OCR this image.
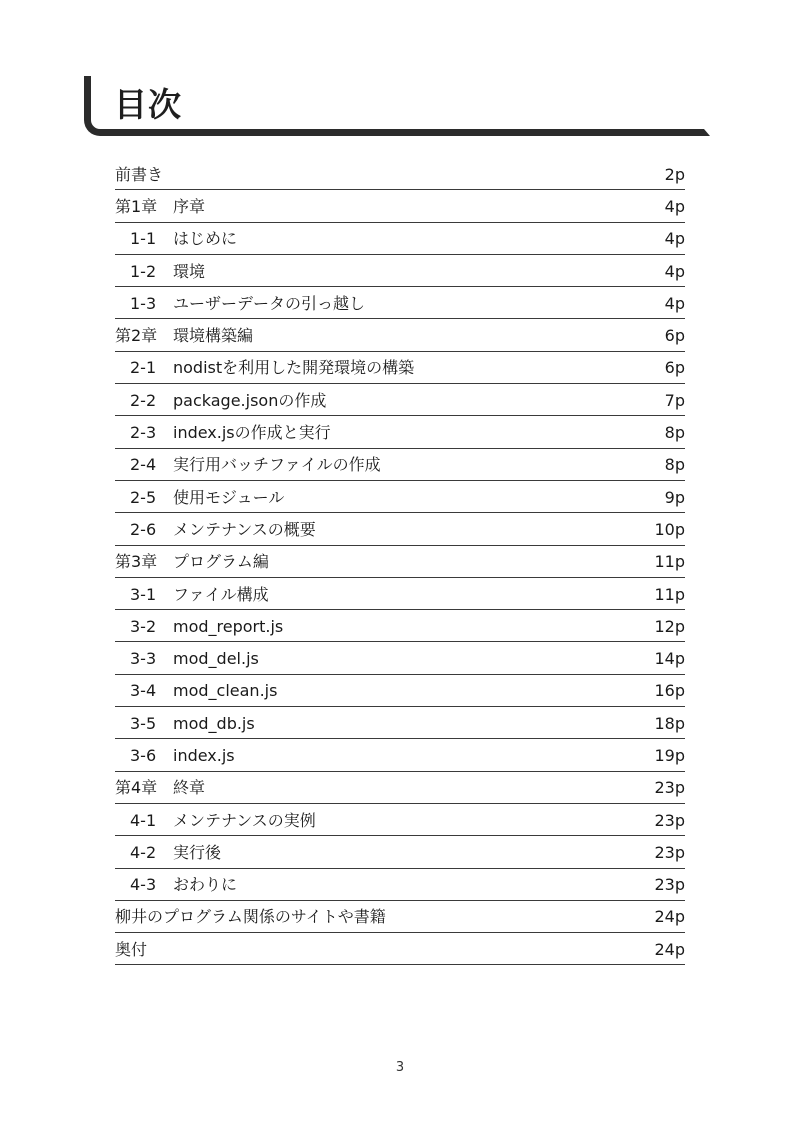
目次
前書き	2p
第1章 序章	4p
1-1	はじめに	4p
1-2	環境	4p
1-3	ユーザーデータの引っ越し	4p
第2章 環境構築編	6p
2-1	nodistを利用した開発環境の構築	6p
2-2	package.jsonの作成	7p
2-3	index.jsの作成と実行	8p
2-4	実行用バッチファイルの作成	8p
2-5	使用モジュール	9p
2-6	メンテナンスの概要	10p
第3章 プログラム編	11p
3-1	ファイル構成	11p
3-2	mod_report.js	12p
3-3	mod_del.js	14p
3-4	mod_clean.js	16p
3-5	mod_db.js	18p
3-6	index.js	19p
第4章 終章	23p
4-1	メンテナンスの実例	23p
4-2	実行後	23p
4-3	おわりに	23p
柳井のプログラム関係のサイトや書籍	24p
奥付	24p
3
